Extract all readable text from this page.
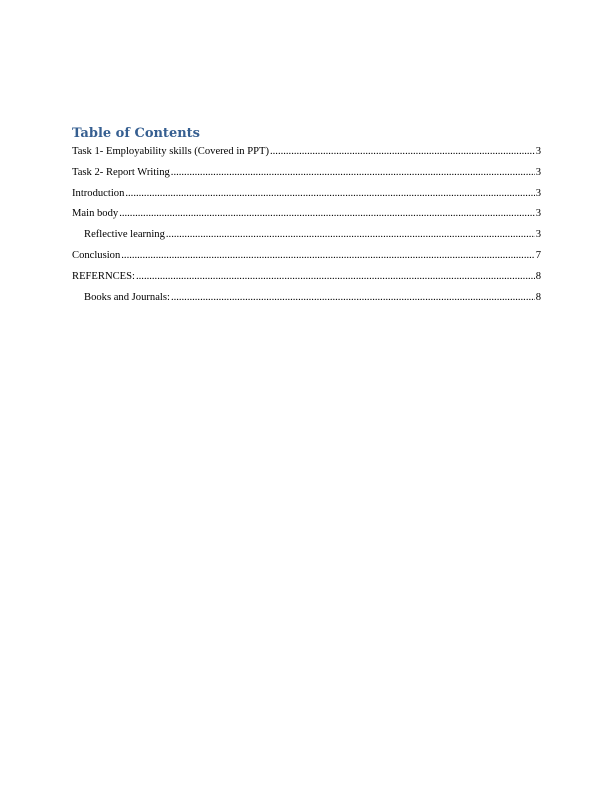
Table of Contents
Task 1- Employability skills (Covered in PPT) .....	3
Task 2- Report Writing .....	3
Introduction .....	3
Main body .....	3
Reflective learning .....	3
Conclusion .....	7
REFERNCES: .....	8
Books and Journals: .....	8
